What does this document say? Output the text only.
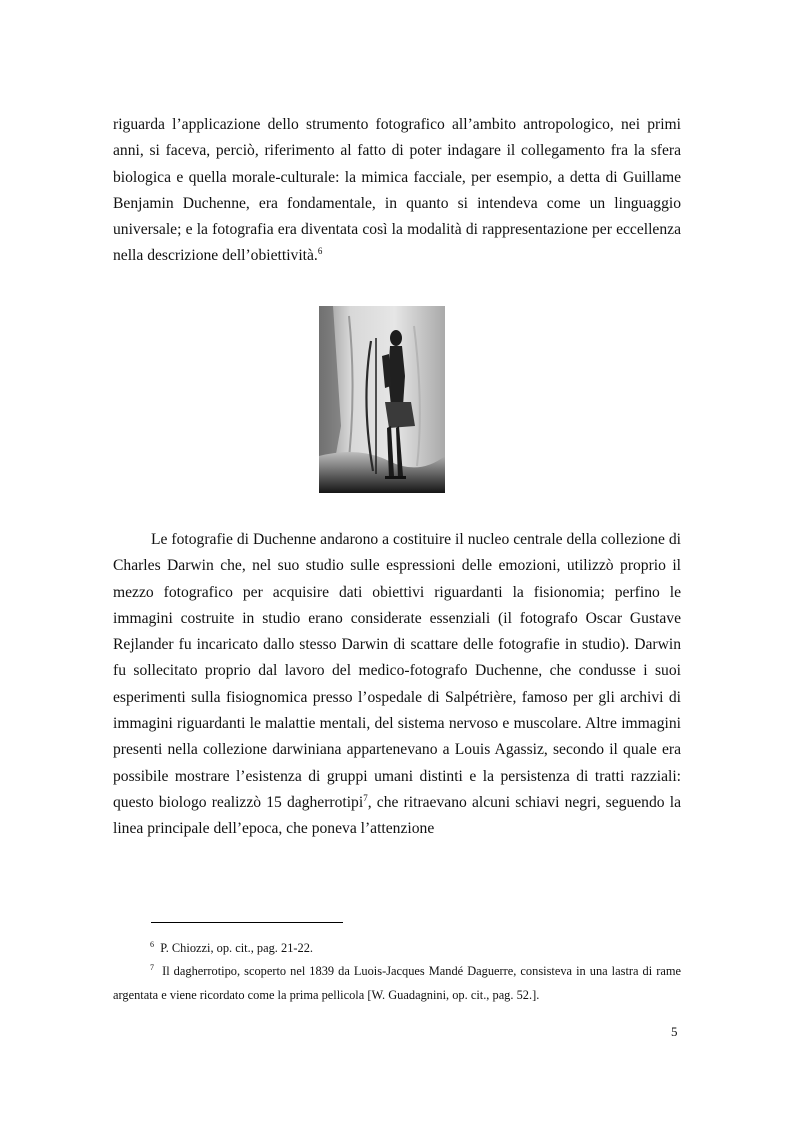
riguarda l’applicazione dello strumento fotografico all’ambito antropologico, nei primi anni, si faceva, perciò, riferimento al fatto di poter indagare il collegamento fra la sfera biologica e quella morale-culturale: la mimica facciale, per esempio, a detta di Guillame Benjamin Duchenne, era fondamentale, in quanto si intendeva come un linguaggio universale; e la fotografia era diventata così la modalità di rappresentazione per eccellenza nella descrizione dell’obiettività.$^6$

Le fotografie di Duchenne andarono a costituire il nucleo centrale della collezione di Charles Darwin che, nel suo studio sulle espressioni delle emozioni, utilizzò proprio il mezzo fotografico per acquisire dati obiettivi riguardanti la fisionomia; perfino le immagini costruite in studio erano considerate essenziali (il fotografo Oscar Gustave Rejlander fu incaricato dallo stesso Darwin di scattare delle fotografie in studio). Darwin fu sollecitato proprio dal lavoro del medico-fotografo Duchenne, che condusse i suoi esperimenti sulla fisiognomica presso l’ospedale di Salpétrière, famoso per gli archivi di immagini riguardanti le malattie mentali, del sistema nervoso e muscolare. Altre immagini presenti nella collezione darwiniana appartenevano a Louis Agassiz, secondo il quale era possibile mostrare l’esistenza di gruppi umani distinti e la persistenza di tratti razziali: questo biologo realizzò 15 dagherrotipi$^7$, che ritraevano alcuni schiavi negri, seguendo la linea principale dell’epoca, che poneva l’attenzione

$^6$ P. Chiozzi, op. cit., pag. 21-22.

$^7$ Il dagherrotipo, scoperto nel 1839 da Luois-Jacques Mandé Daguerre, consisteva in una lastra di rame argentata e viene ricordato come la prima pellicola [W. Guadagnini, op. cit., pag. 52.].

5
